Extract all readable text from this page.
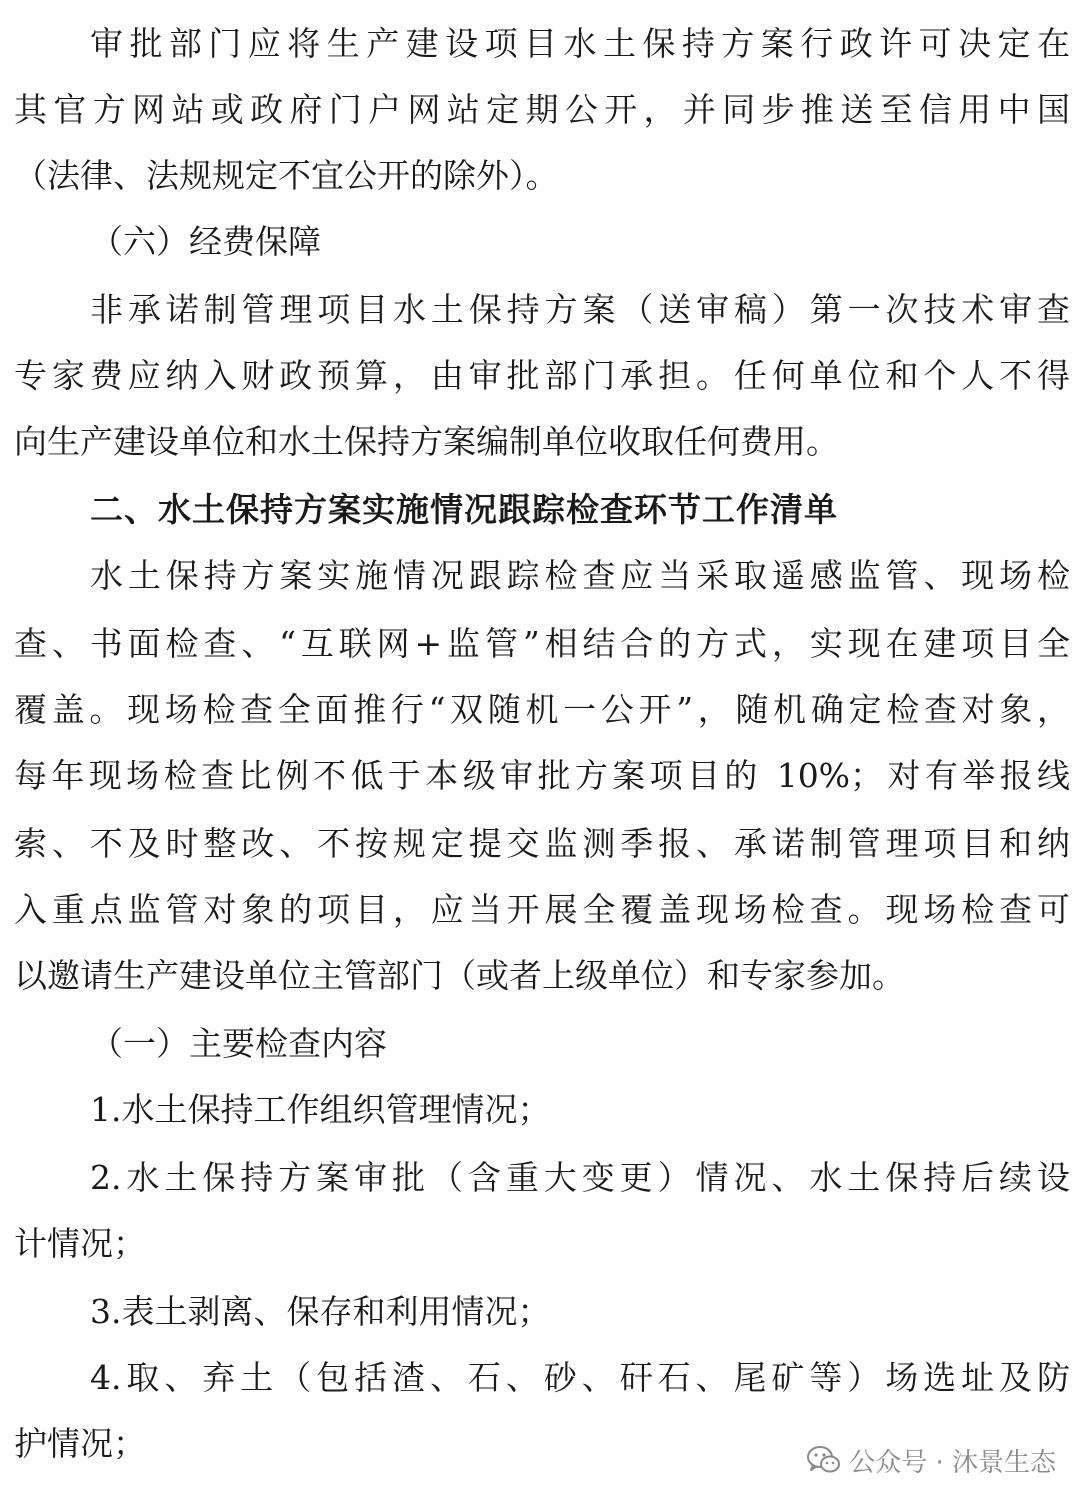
审批部门应将生产建设项目水土保持方案行政许可决定在
其官方网站或政府门户网站定期公开，并同步推送至信用中国
（法律、法规规定不宜公开的除外）。
（六）经费保障
非承诺制管理项目水土保持方案（送审稿）第一次技术审查
专家费应纳入财政预算，由审批部门承担。任何单位和个人不得
向生产建设单位和水土保持方案编制单位收取任何费用。
二、水土保持方案实施情况跟踪检查环节工作清单
水土保持方案实施情况跟踪检查应当采取遥感监管、现场检
查、书面检查、“互联网+监管”相结合的方式，实现在建项目全
覆盖。现场检查全面推行“双随机一公开”，随机确定检查对象，
每年现场检查比例不低于本级审批方案项目的 10%；对有举报线
索、不及时整改、不按规定提交监测季报、承诺制管理项目和纳
入重点监管对象的项目，应当开展全覆盖现场检查。现场检查可
以邀请生产建设单位主管部门（或者上级单位）和专家参加。
（一）主要检查内容
1.水土保持工作组织管理情况；
2.水土保持方案审批（含重大变更）情况、水土保持后续设
计情况；
3.表土剥离、保存和利用情况；
4.取、弃土（包括渣、石、砂、矸石、尾矿等）场选址及防
护情况；	公众号 · 沐景生态
